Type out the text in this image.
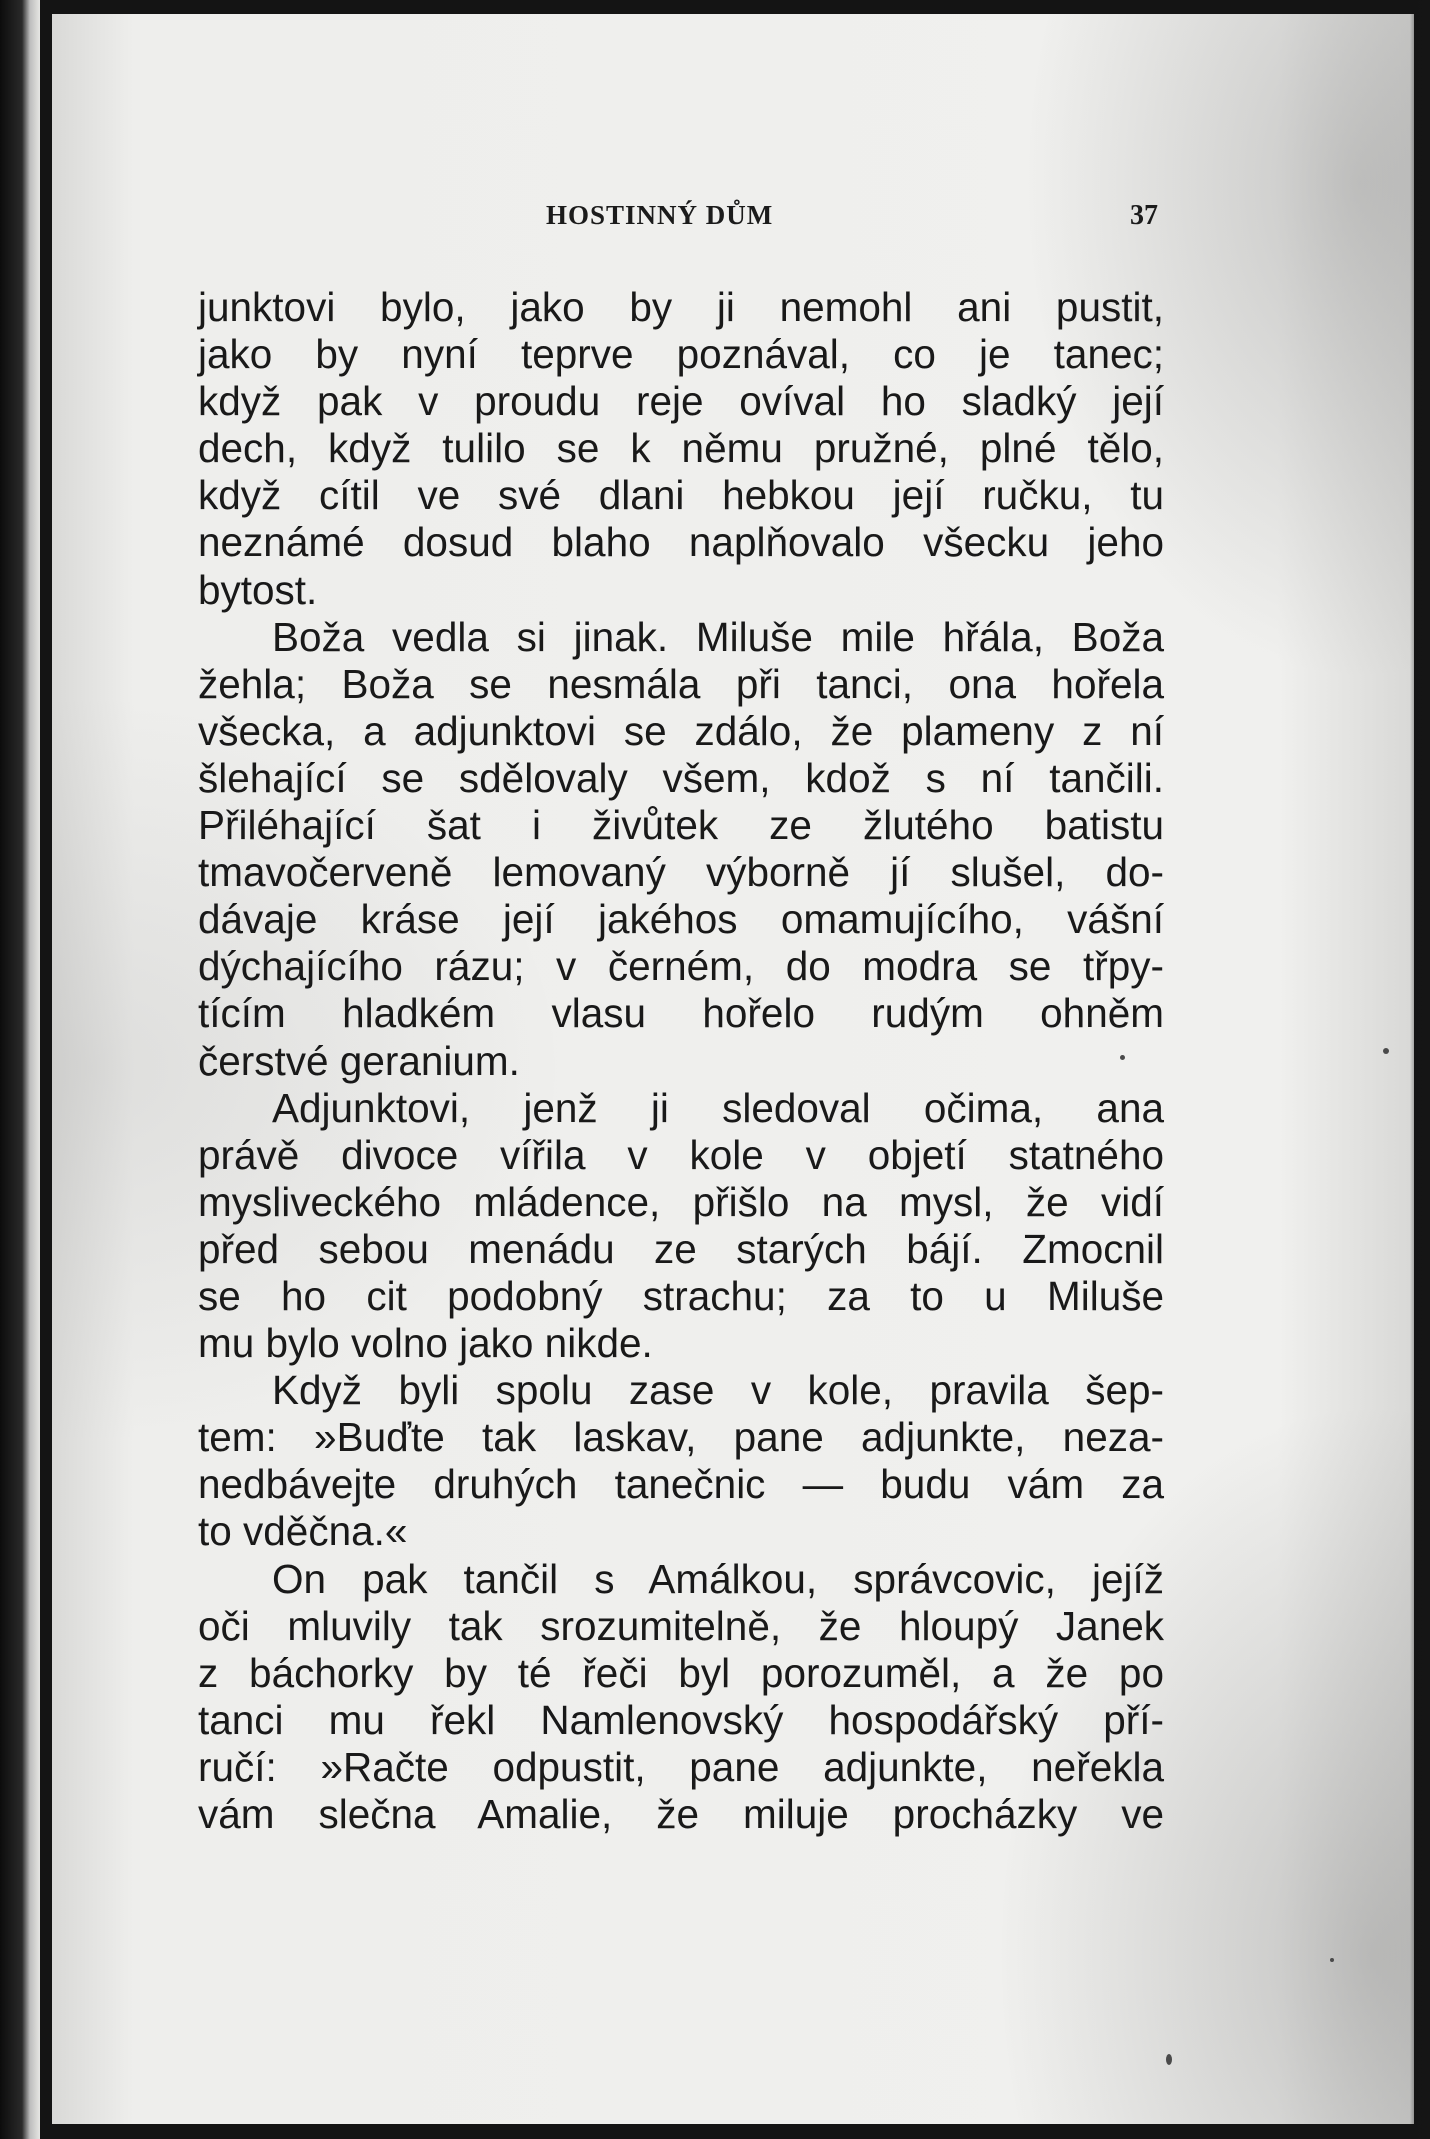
HOSTINNÝ DŮM	37
junktovi bylo, jako by ji nemohl ani pustit,
jako by nyní teprve poznával, co je tanec;
když pak v proudu reje ovíval ho sladký její
dech, když tulilo se k němu pružné, plné tělo,
když cítil ve své dlani hebkou její ručku, tu
neznámé dosud blaho naplňovalo všecku jeho
bytost.
Boža vedla si jinak. Miluše mile hřála, Boža
žehla; Boža se nesmála při tanci, ona hořela
všecka, a adjunktovi se zdálo, že plameny z ní
šlehající se sdělovaly všem, kdož s ní tančili.
Přiléhající šat i živůtek ze žlutého batistu
tmavočerveně lemovaný výborně jí slušel, do-
dávaje kráse její jakéhos omamujícího, vášní
dýchajícího rázu; v černém, do modra se třpy-
tícím hladkém vlasu hořelo rudým ohněm
čerstvé geranium.
Adjunktovi, jenž ji sledoval očima, ana
právě divoce vířila v kole v objetí statného
mysliveckého mládence, přišlo na mysl, že vidí
před sebou menádu ze starých bájí. Zmocnil
se ho cit podobný strachu; za to u Miluše
mu bylo volno jako nikde.
Když byli spolu zase v kole, pravila šep-
tem: »Buďte tak laskav, pane adjunkte, neza-
nedbávejte druhých tanečnic — budu vám za
to vděčna.«
On pak tančil s Amálkou, správcovic, jejíž
oči mluvily tak srozumitelně, že hloupý Janek
z báchorky by té řeči byl porozuměl, a že po
tanci mu řekl Namlenovský hospodářský pří-
ručí: »Račte odpustit, pane adjunkte, neřekla
vám slečna Amalie, že miluje procházky ve
